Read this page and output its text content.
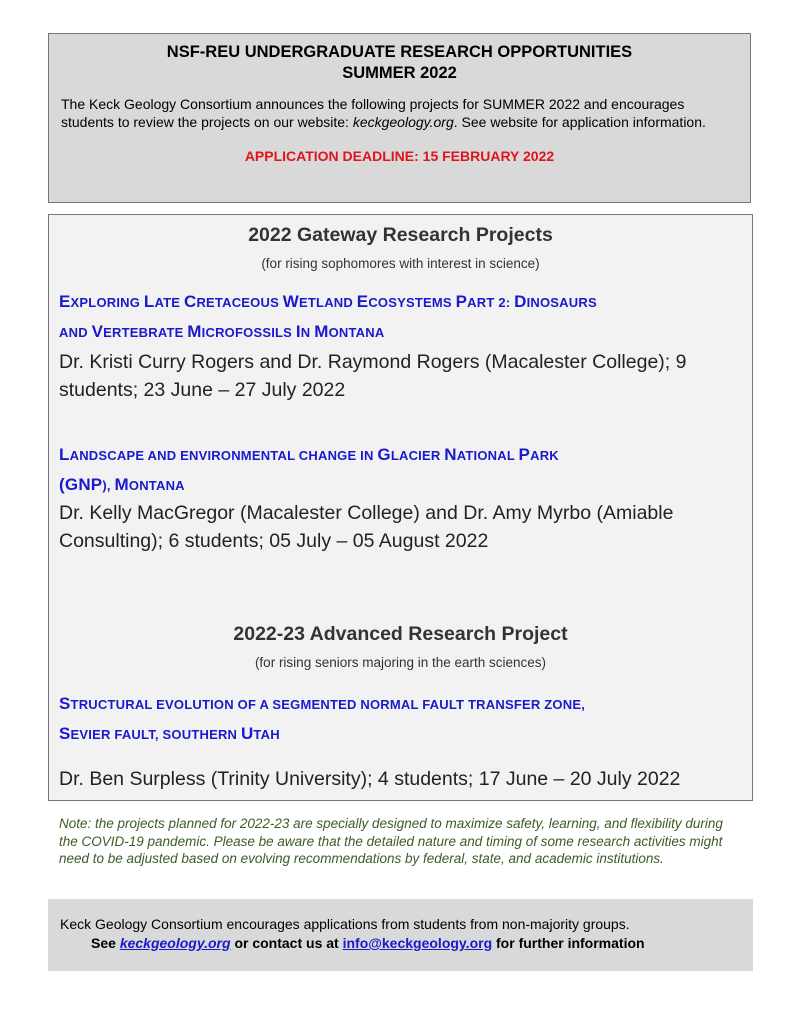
NSF-REU UNDERGRADUATE RESEARCH OPPORTUNITIES
SUMMER 2022
The Keck Geology Consortium announces the following projects for SUMMER 2022 and encourages students to review the projects on our website: keckgeology.org. See website for application information.
APPLICATION DEADLINE: 15 FEBRUARY 2022
2022 Gateway Research Projects
(for rising sophomores with interest in science)
EXPLORING LATE CRETACEOUS WETLAND ECOSYSTEMS PART 2: DINOSAURS
AND VERTEBRATE MICROFOSSILS IN MONTANA
Dr. Kristi Curry Rogers and Dr. Raymond Rogers (Macalester College); 9 students; 23 June – 27 July 2022
LANDSCAPE AND ENVIRONMENTAL CHANGE IN GLACIER NATIONAL PARK
(GNP), MONTANA
Dr. Kelly MacGregor (Macalester College) and Dr. Amy Myrbo (Amiable Consulting); 6 students; 05 July – 05 August 2022
2022-23 Advanced Research Project
(for rising seniors majoring in the earth sciences)
STRUCTURAL EVOLUTION OF A SEGMENTED NORMAL FAULT TRANSFER ZONE,
SEVIER FAULT, SOUTHERN UTAH
Dr. Ben Surpless (Trinity University); 4 students; 17 June – 20 July 2022
Note: the projects planned for 2022-23 are specially designed to maximize safety, learning, and flexibility during the COVID-19 pandemic. Please be aware that the detailed nature and timing of some research activities might need to be adjusted based on evolving recommendations by federal, state, and academic institutions.
Keck Geology Consortium encourages applications from students from non-majority groups.
See keckgeology.org or contact us at info@keckgeology.org for further information
